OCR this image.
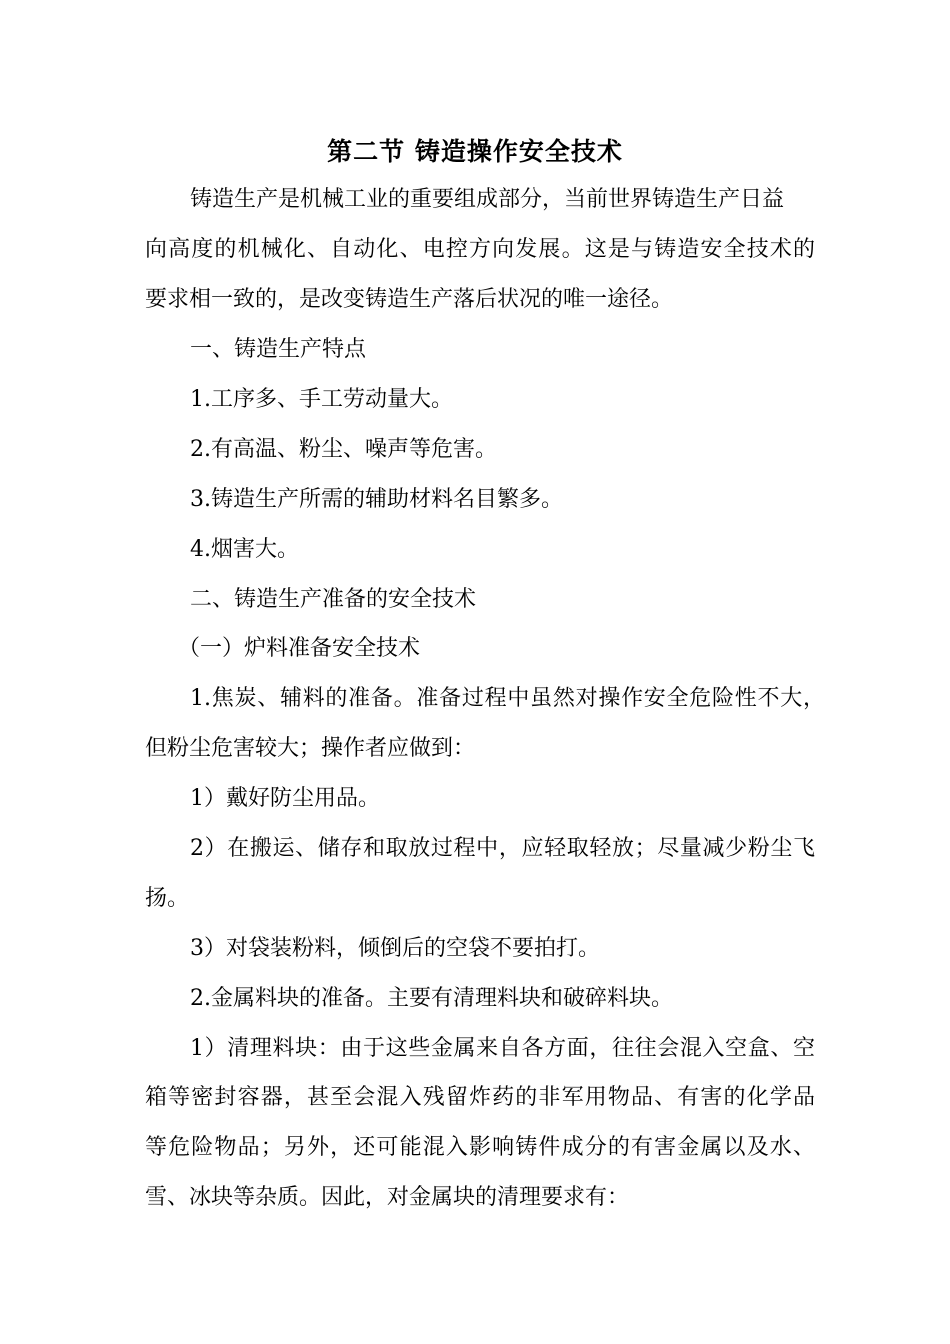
第二节 铸造操作安全技术

铸造生产是机械工业的重要组成部分，当前世界铸造生产日益

向高度的机械化、自动化、电控方向发展。这是与铸造安全技术的

要求相一致的，是改变铸造生产落后状况的唯一途径。

一、铸造生产特点

1.工序多、手工劳动量大。

2.有高温、粉尘、噪声等危害。

3.铸造生产所需的辅助材料名目繁多。

4.烟害大。

二、铸造生产准备的安全技术

（一）炉料准备安全技术

1.焦炭、辅料的准备。准备过程中虽然对操作安全危险性不大，

但粉尘危害较大；操作者应做到：

1）戴好防尘用品。

2）在搬运、储存和取放过程中，应轻取轻放；尽量减少粉尘飞

扬。

3）对袋装粉料，倾倒后的空袋不要拍打。

2.金属料块的准备。主要有清理料块和破碎料块。

1）清理料块：由于这些金属来自各方面，往往会混入空盒、空

箱等密封容器，甚至会混入残留炸药的非军用物品、有害的化学品

等危险物品；另外，还可能混入影响铸件成分的有害金属以及水、

雪、冰块等杂质。因此，对金属块的清理要求有：
